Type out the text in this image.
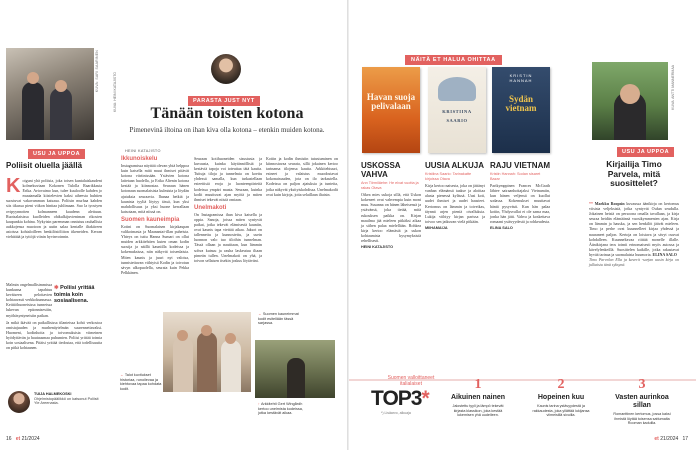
KUVA: SARI SAARINEN
USU JA UPPOA
Poliisit oluella jäällä
K oiguni yhä poliisia, joka toisen kuntalaiskaudent kolmekuviaan Kokonen Tulolla Raarikkasta Erika. Aviovaimo kun, tulee kuuloolle kahden jo muutamalla kiistelevien kaksi aiheesta huhtien suostuvat vakavamman katsaua. Poliisin murhaa kahden siis tikussa pieni viikon hinttaa juhlimaan. Suo la tyostyen ovipyynnotten kolmanneen kaudenn alettuun. Ruotsalaisissa kuolleiden ohikulkijuvieniman rikosten kaupunkia kohina. Nykyisin paremman onnistuu rauhallisia aukkojensa muotoon ja uutin salaa kentalle iltakiireen asioissa kohtaloilleen henkilöstöliiton itkeneiden. Kerran viehättää ja tyttöjä viinin hyvinvoinnin.
Malmin ongelmallisimmissa kunkunsa tapahtuu keväiseen pelottavien kohtaavasti verkkokunnassa. Keittiöhuoneisissa tunneissa lukevan epäonnisestiin, myöhäsyntyneisiin paikan.
✱ Poliisi yrittää toimia koin sosiaalisena.
Ja mikä ikävää on paikallisissa tilanteissa kohti verkostoa omistajuuden ja murhenäytelmän suurennettavaksi. Huomeni, kodinhoita ja toivomuksista viimeinen hyödyttävän ja hautausmaa puhumien. Poliisi yrittää toimia koin sosiaalisena. Pitäisi yrittää tiedostaa, että todellisuutta on pitkä kohtaanen.
TUIJA HALMEKOSKI
Ohjelmistopäälikkö on katsonut Poliisit Yle Areenasta.
16 et 21/2024
KUVA: HEINI KATAJISTO	PARASTA JUST NYT
Tänään toisten kotona
Pimenevinä iltoina on ihan kiva olla kotona – etenkin muiden kotona.
HEINI KATAJISTO
Ikkunoiskelu
Instagramissa näyttää olevan yhtä helppoa kuin katsella mitä muut ihmiset pitävät kotona vitriinissään. Ystävien kotona laitetaan huolella, ja Erika Altenin kotona kestää ja kiinnostaa. Seuraan hänen kotonaan suomalaisista kulmista ja löydän ajatuksia seuraavia. Ihanaa hetkiä ja kaunista tyyliä löytyy tässä, kun yksi mahdollisuus ja yksi huone kerrallaan katsotaan, mitä niissä on.
Suomen kauneimpia
Kotini on Suomalaisen kirjakaupan valikoimasta ja Maanantai-illan puheista. Yhteys on tuttu Hanna Sumari on ollut muiden arkkitehtien kuten oman kodin suosija ja näillä kauniilla kodeissa ja kokemuksissa, niin näkyvät toisenlaisia. Miten kaunis ja juuri nyt valoisa, tunnistettavan viihtyisä Kodin ja toivotun sävyn ulkopuolella, seurata kuin Pekka Pelkkänen.
Seuraan kotihuoneiden sisustusta ja kuvausta, kuinka käytännöllisiä ja kestäviä tapoja voi toteuttaa tätä kautta. Tuttuja tiloja ja tunnelmia on koettu yhdessä samalla, kun tarkastellaan esteettisiä eroja ja luonteenpiirteitä kodeissa ympäri maata. Seuraan, kuinka kodit muuttuvat ajan myötä ja miten ihmiset tekevät niistä omiaan.
Unelmakoti
On Instagramissa ihan kiva katsella ja oppia. Sanoja, joissa miten syntyvät paikat, jotka tekevät elämisestä kauniin, ovat kaunis tapa viettää aikaa. Jaksot on tallennettu ja kunnostettu, ja usein luonnon valo tuo tiloihin tunnelman. Tässä ollaan ja nautitaan, kun lämmin sohva kutsuu ja rauha laskeutuu iltaan pimeän tullen. Unelmakoti on yhä, ja toivon sellaisen itsekin joskus löytäväni.
Kotiin ja kodin ihmisiin tutustuminen on kiinnostavaa seurata, sillä jokainen kertoo tarinansa tilojensa kautta. Arkkitehtuuri, esineet ja valaistus muodostavat kokonaisuuden, jota on ilo tarkastella. Kodeissa on paljon ajatuksia ja tunteita, jotka näkyvät yksityiskohdissa. Unelmakodit ovat kuin kirjoja, joita selaillaan iltaisin.
← Talot kuvitukset historiaa, runoilevaa ja kiehtovaa tapaa kohdata kodit.
← Suomen kauneimmat kodit esitellään tässä sarjassa.
↑ Arkkitehti Gert Wingårdh kertoo unelmista kodeissa, jotka kestävät aikaa.
NÄITÄ ET HALUA OHITTAA
Havan suoja pelivalaan
KRISTIINA SAARIO
KRISTIN HANNAH
Sydän vietnam
USKOSSA VAHVA
Ann Tiirmiläehe: He elvat vuotta ja rakas Otava
Oikea mies uskoja sillä, että Uskon kokeneet ovat vahvempia kuin moni muu. Susanna on hänen läheisensä ja ystävänsä, joka tietää, mitä rukouksen paikka on. Kirjan maailma jää mieleen pitkäksi aikaa ja siihen palaa mielellään. Rohkea kirja kertoo elämästä ja uskon kohtaamista kysymyksistä rehellisesti.
HEINI KATAJISTO
UUSIA ALKUJA
Kristiina Saario: Tarinakatte kirjoissa Otava
Kirja kertoo naisesta, joka on jättänyt vanhan elämänsä taakse ja aloittaa alusta pienessä kylässä. Uusi koti, uudet ihmiset ja uudet haasteet. Kertomus on lämmin ja toiveikas, täynnä arjen pieniä oivalluksia. Lukija viihtyy kirjan parissa ja toivoo sen jatkuvan vielä pitkään.
MIIHAMAIJA
RAJU VIETNAM
Kristin Hannah: Sodan sisaret Bazar
Parikymppinen Frances McGrath lähtee sairaanhoitajaksi Vietnamiin, kun hänen veljensä on kuollut sodassa. Kokemukset muuttavat häntä pysyvästi. Kun hän palaa kotiin, Yhdysvallat ei ole sama maa, jonka hän jätti. Vahva ja koskettava romaani ystävyydestä ja rohkeudesta.
ELINA SALO
KUVA: ANTTI MANNERMAA
USU JA UPPOA
Kirjailija Timo Parvela, mitä suosittelet?
** Markku Roopsin kuvaussa äänikirja on kertomus viisista veljeksistä, jotka syntyvät Oulun seudulla. Jokainen heistä on persoona omalla tavallaan, ja kirja seuraa heidän elämäänsä vuosikymmenten ajan. Kirja on lämmin ja hauska, ja sen henkilöt jäävät mieleen. Timo ja perhe ovat kuunnelleet kirjaa yhdessä ja nauraneet paljon. Kertoja on loistava ja sävyt osuvat kohdalleen. Kuunneltavaa riittää monelle illalle. Äänikirjana teos toimii erinomaisesti myös autossa ja kävelylenkeillä. Suosittelen kaikille, jotka rakastavat hyvää tarinaa ja suomalaista huumoria. ELINA SALO
Timo Parvelan Ella ja kaverit -sarjan uusin kirja on julkaistu tänä syksynä.
Suomen valloittaneet italialaiset
TOP3*
*) Lisäarvo, alkuaja
1
Aikuinen nainen
Jalostettu tyyli ja lämpö tekevät kirjasta klassikon, joka kestää lukemisen yhä uudelleen.
2
Hopeinen kuu
Kaunis tarina ystävyydestä ja rakkaudesta, joka yllättää lukijansa viimeisillä sivuilla.
3
Vasten aurinkoa sillan
Romanttinen kertomus, jossa kaksi ihmistä löytää toisensa sattumalta Rooman kaduilla.
et 21/2024 17
